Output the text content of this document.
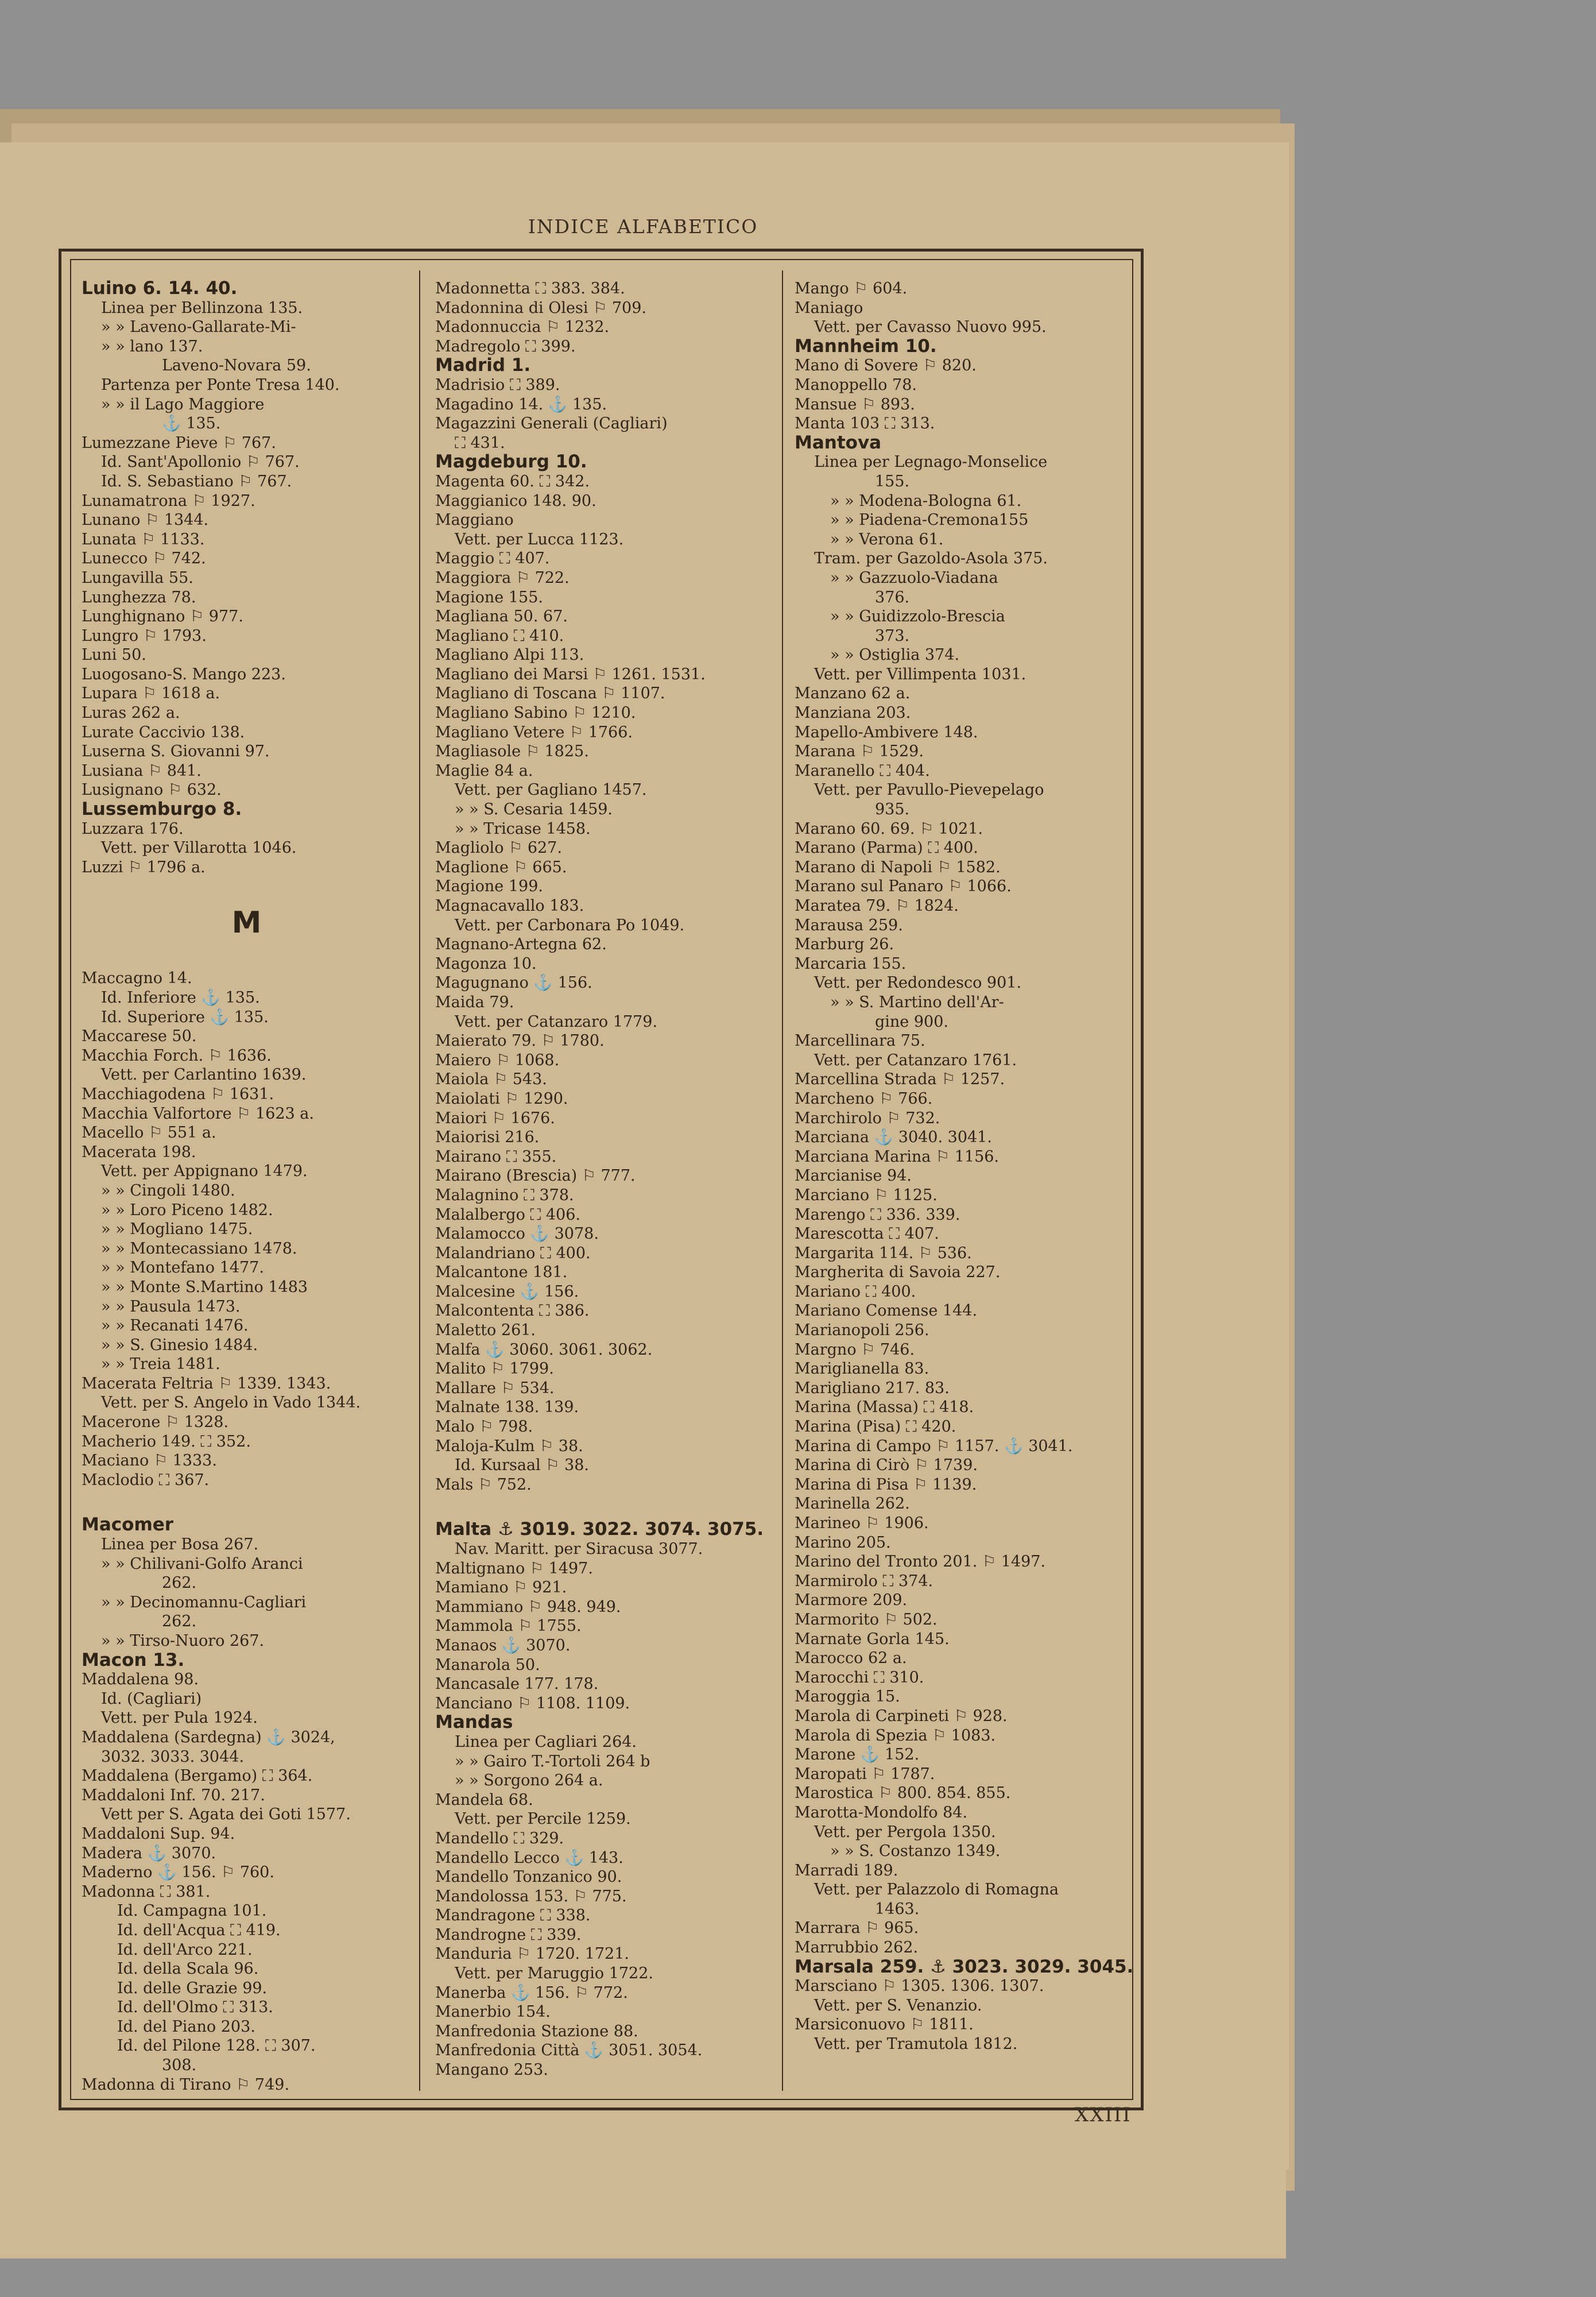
INDICE ALFABETICO
Luino 6. 14. 40.
Linea per Bellinzona 135.
» » Laveno-Gallarate-Mi-
» » lano 137.
Laveno-Novara 59.
Partenza per Ponte Tresa 140.
» » il Lago Maggiore
⚓ 135.
Lumezzane Pieve ⚐ 767.
Id. Sant'Apollonio ⚐ 767.
Id. S. Sebastiano ⚐ 767.
Lunamatrona ⚐ 1927.
Lunano ⚐ 1344.
Lunata ⚐ 1133.
Lunecco ⚐ 742.
Lungavilla 55.
Lunghezza 78.
Lunghignano ⚐ 977.
Lungro ⚐ 1793.
Luni 50.
Luogosano-S. Mango 223.
Lupara ⚐ 1618 a.
Luras 262 a.
Lurate Caccivio 138.
Luserna S. Giovanni 97.
Lusiana ⚐ 841.
Lusignano ⚐ 632.
Lussemburgo 8.
Luzzara 176.
Vett. per Villarotta 1046.
Luzzi ⚐ 1796 a.
M
Maccagno 14.
Id. Inferiore ⚓ 135.
Id. Superiore ⚓ 135.
Maccarese 50.
Macchia Forch. ⚐ 1636.
Vett. per Carlantino 1639.
Macchiagodena ⚐ 1631.
Macchia Valfortore ⚐ 1623 a.
Macello ⚐ 551 a.
Macerata 198.
Vett. per Appignano 1479.
» » Cingoli 1480.
» » Loro Piceno 1482.
» » Mogliano 1475.
» » Montecassiano 1478.
» » Montefano 1477.
» » Monte S.Martino 1483
» » Pausula 1473.
» » Recanati 1476.
» » S. Ginesio 1484.
» » Treia 1481.
Macerata Feltria ⚐ 1339. 1343.
Vett. per S. Angelo in Vado 1344.
Macerone ⚐ 1328.
Macherio 149. ⛶ 352.
Maciano ⚐ 1333.
Maclodio ⛶ 367.
Macomer
Linea per Bosa 267.
» » Chilivani-Golfo Aranci
262.
» » Decinomannu-Cagliari
262.
» » Tirso-Nuoro 267.
Macon 13.
Maddalena 98.
Id. (Cagliari)
Vett. per Pula 1924.
Maddalena (Sardegna) ⚓ 3024,
3032. 3033. 3044.
Maddalena (Bergamo) ⛶ 364.
Maddaloni Inf. 70. 217.
Vett per S. Agata dei Goti 1577.
Maddaloni Sup. 94.
Madera ⚓ 3070.
Maderno ⚓ 156. ⚐ 760.
Madonna ⛶ 381.
Id. Campagna 101.
Id. dell'Acqua ⛶ 419.
Id. dell'Arco 221.
Id. della Scala 96.
Id. delle Grazie 99.
Id. dell'Olmo ⛶ 313.
Id. del Piano 203.
Id. del Pilone 128. ⛶ 307.
308.
Madonna di Tirano ⚐ 749.
Madonnetta ⛶ 383. 384.
Madonnina di Olesi ⚐ 709.
Madonnuccia ⚐ 1232.
Madregolo ⛶ 399.
Madrid 1.
Madrisio ⛶ 389.
Magadino 14. ⚓ 135.
Magazzini Generali (Cagliari)
⛶ 431.
Magdeburg 10.
Magenta 60. ⛶ 342.
Maggianico 148. 90.
Maggiano
Vett. per Lucca 1123.
Maggio ⛶ 407.
Maggiora ⚐ 722.
Magione 155.
Magliana 50. 67.
Magliano ⛶ 410.
Magliano Alpi 113.
Magliano dei Marsi ⚐ 1261. 1531.
Magliano di Toscana ⚐ 1107.
Magliano Sabino ⚐ 1210.
Magliano Vetere ⚐ 1766.
Magliasole ⚐ 1825.
Maglie 84 a.
Vett. per Gagliano 1457.
» » S. Cesaria 1459.
» » Tricase 1458.
Magliolo ⚐ 627.
Maglione ⚐ 665.
Magione 199.
Magnacavallo 183.
Vett. per Carbonara Po 1049.
Magnano-Artegna 62.
Magonza 10.
Magugnano ⚓ 156.
Maida 79.
Vett. per Catanzaro 1779.
Maierato 79. ⚐ 1780.
Maiero ⚐ 1068.
Maiola ⚐ 543.
Maiolati ⚐ 1290.
Maiori ⚐ 1676.
Maiorisi 216.
Mairano ⛶ 355.
Mairano (Brescia) ⚐ 777.
Malagnino ⛶ 378.
Malalbergo ⛶ 406.
Malamocco ⚓ 3078.
Malandriano ⛶ 400.
Malcantone 181.
Malcesine ⚓ 156.
Malcontenta ⛶ 386.
Maletto 261.
Malfa ⚓ 3060. 3061. 3062.
Malito ⚐ 1799.
Mallare ⚐ 534.
Malnate 138. 139.
Malo ⚐ 798.
Maloja-Kulm ⚐ 38.
Id. Kursaal ⚐ 38.
Mals ⚐ 752.
Malta ⚓ 3019. 3022. 3074. 3075.
Nav. Maritt. per Siracusa 3077.
Maltignano ⚐ 1497.
Mamiano ⚐ 921.
Mammiano ⚐ 948. 949.
Mammola ⚐ 1755.
Manaos ⚓ 3070.
Manarola 50.
Mancasale 177. 178.
Manciano ⚐ 1108. 1109.
Mandas
Linea per Cagliari 264.
» » Gairo T.-Tortoli 264 b
» » Sorgono 264 a.
Mandela 68.
Vett. per Percile 1259.
Mandello ⛶ 329.
Mandello Lecco ⚓ 143.
Mandello Tonzanico 90.
Mandolossa 153. ⚐ 775.
Mandragone ⛶ 338.
Mandrogne ⛶ 339.
Manduria ⚐ 1720. 1721.
Vett. per Maruggio 1722.
Manerba ⚓ 156. ⚐ 772.
Manerbio 154.
Manfredonia Stazione 88.
Manfredonia Città ⚓ 3051. 3054.
Mangano 253.
Mango ⚐ 604.
Maniago
Vett. per Cavasso Nuovo 995.
Mannheim 10.
Mano di Sovere ⚐ 820.
Manoppello 78.
Mansue ⚐ 893.
Manta 103 ⛶ 313.
Mantova
Linea per Legnago-Monselice
155.
» » Modena-Bologna 61.
» » Piadena-Cremona155
» » Verona 61.
Tram. per Gazoldo-Asola 375.
» » Gazzuolo-Viadana
376.
» » Guidizzolo-Brescia
373.
» » Ostiglia 374.
Vett. per Villimpenta 1031.
Manzano 62 a.
Manziana 203.
Mapello-Ambivere 148.
Marana ⚐ 1529.
Maranello ⛶ 404.
Vett. per Pavullo-Pievepelago
935.
Marano 60. 69. ⚐ 1021.
Marano (Parma) ⛶ 400.
Marano di Napoli ⚐ 1582.
Marano sul Panaro ⚐ 1066.
Maratea 79. ⚐ 1824.
Marausa 259.
Marburg 26.
Marcaria 155.
Vett. per Redondesco 901.
» » S. Martino dell'Ar-
gine 900.
Marcellinara 75.
Vett. per Catanzaro 1761.
Marcellina Strada ⚐ 1257.
Marcheno ⚐ 766.
Marchirolo ⚐ 732.
Marciana ⚓ 3040. 3041.
Marciana Marina ⚐ 1156.
Marcianise 94.
Marciano ⚐ 1125.
Marengo ⛶ 336. 339.
Marescotta ⛶ 407.
Margarita 114. ⚐ 536.
Margherita di Savoia 227.
Mariano ⛶ 400.
Mariano Comense 144.
Marianopoli 256.
Margno ⚐ 746.
Mariglianella 83.
Marigliano 217. 83.
Marina (Massa) ⛶ 418.
Marina (Pisa) ⛶ 420.
Marina di Campo ⚐ 1157. ⚓ 3041.
Marina di Cirò ⚐ 1739.
Marina di Pisa ⚐ 1139.
Marinella 262.
Marineo ⚐ 1906.
Marino 205.
Marino del Tronto 201. ⚐ 1497.
Marmirolo ⛶ 374.
Marmore 209.
Marmorito ⚐ 502.
Marnate Gorla 145.
Marocco 62 a.
Marocchi ⛶ 310.
Maroggia 15.
Marola di Carpineti ⚐ 928.
Marola di Spezia ⚐ 1083.
Marone ⚓ 152.
Maropati ⚐ 1787.
Marostica ⚐ 800. 854. 855.
Marotta-Mondolfo 84.
Vett. per Pergola 1350.
» » S. Costanzo 1349.
Marradi 189.
Vett. per Palazzolo di Romagna
1463.
Marrara ⚐ 965.
Marrubbio 262.
Marsala 259. ⚓ 3023. 3029. 3045.
Marsciano ⚐ 1305. 1306. 1307.
Vett. per S. Venanzio.
Marsiconuovo ⚐ 1811.
Vett. per Tramutola 1812.
XXIII
